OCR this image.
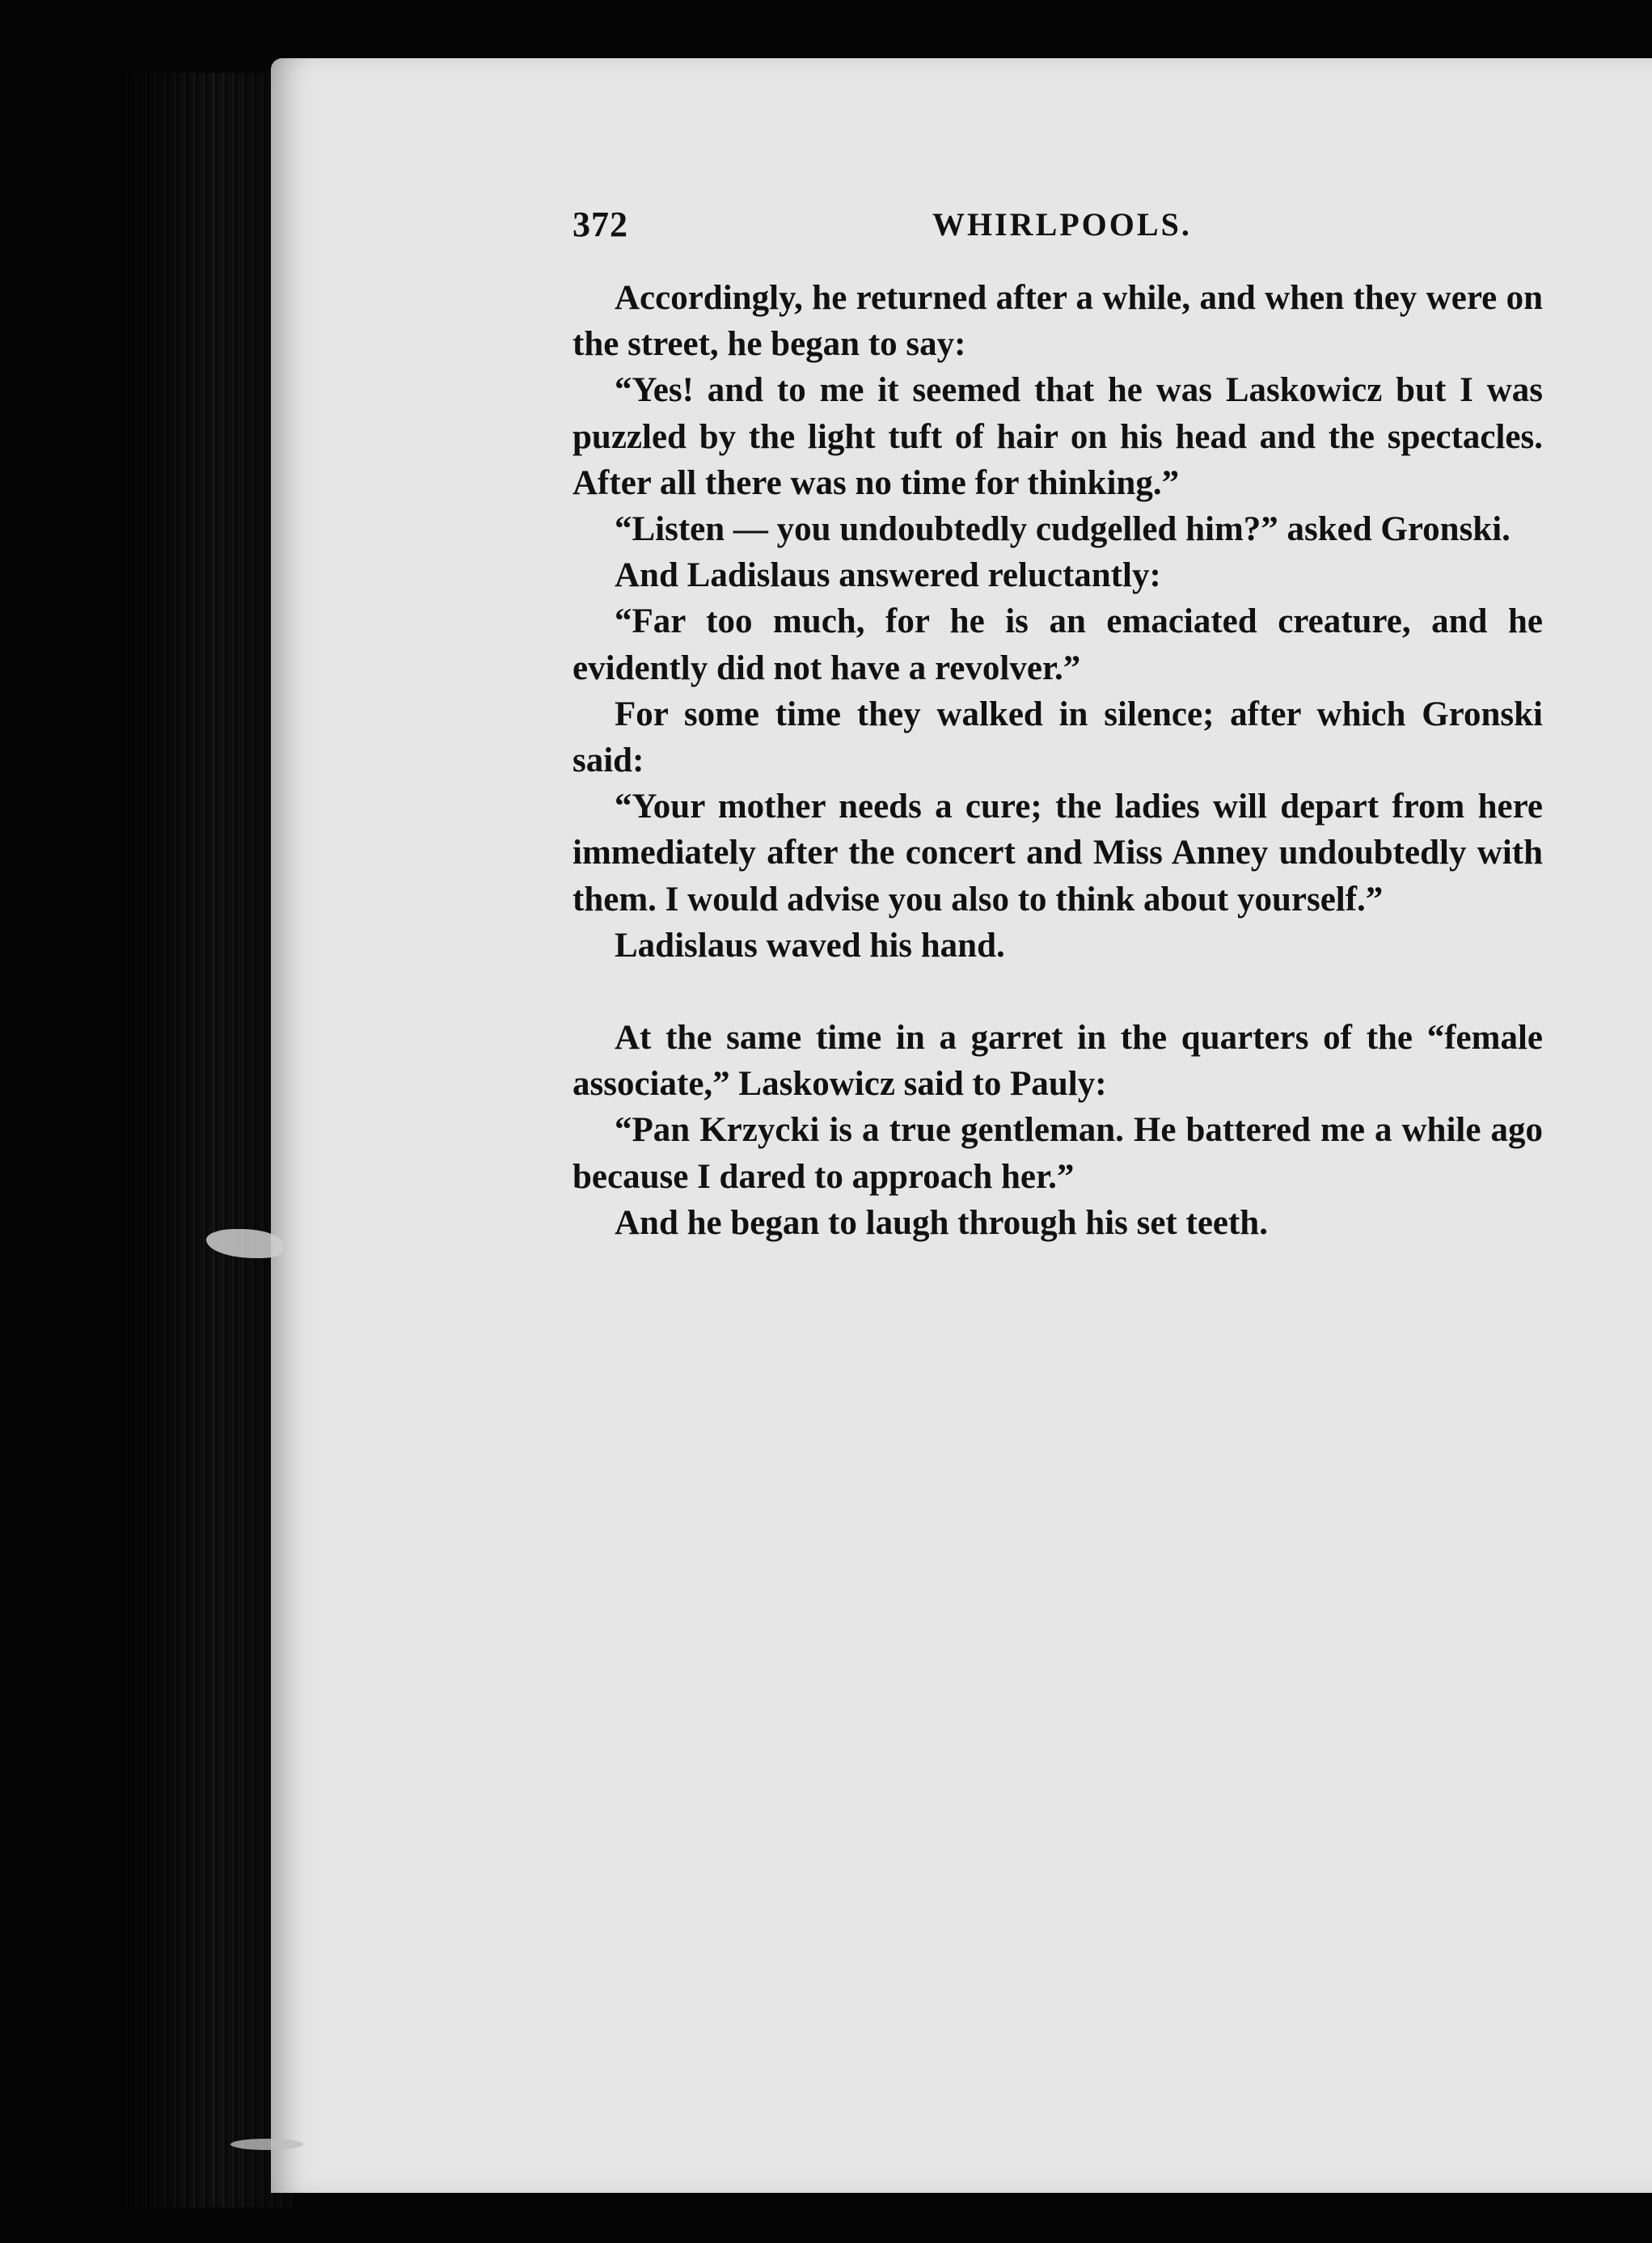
372	WHIRLPOOLS.

Accordingly, he returned after a while, and when they were on the street, he began to say:

“Yes! and to me it seemed that he was Laskowicz but I was puzzled by the light tuft of hair on his head and the spectacles. After all there was no time for thinking.”

“Listen — you undoubtedly cudgelled him?” asked Gronski.

And Ladislaus answered reluctantly:

“Far too much, for he is an emaciated creature, and he evidently did not have a revolver.”

For some time they walked in silence; after which Gronski said:

“Your mother needs a cure; the ladies will depart from here immediately after the concert and Miss Anney undoubtedly with them. I would advise you also to think about yourself.”

Ladislaus waved his hand.

At the same time in a garret in the quarters of the “female associate,” Laskowicz said to Pauly:

“Pan Krzycki is a true gentleman. He battered me a while ago because I dared to approach her.”

And he began to laugh through his set teeth.
